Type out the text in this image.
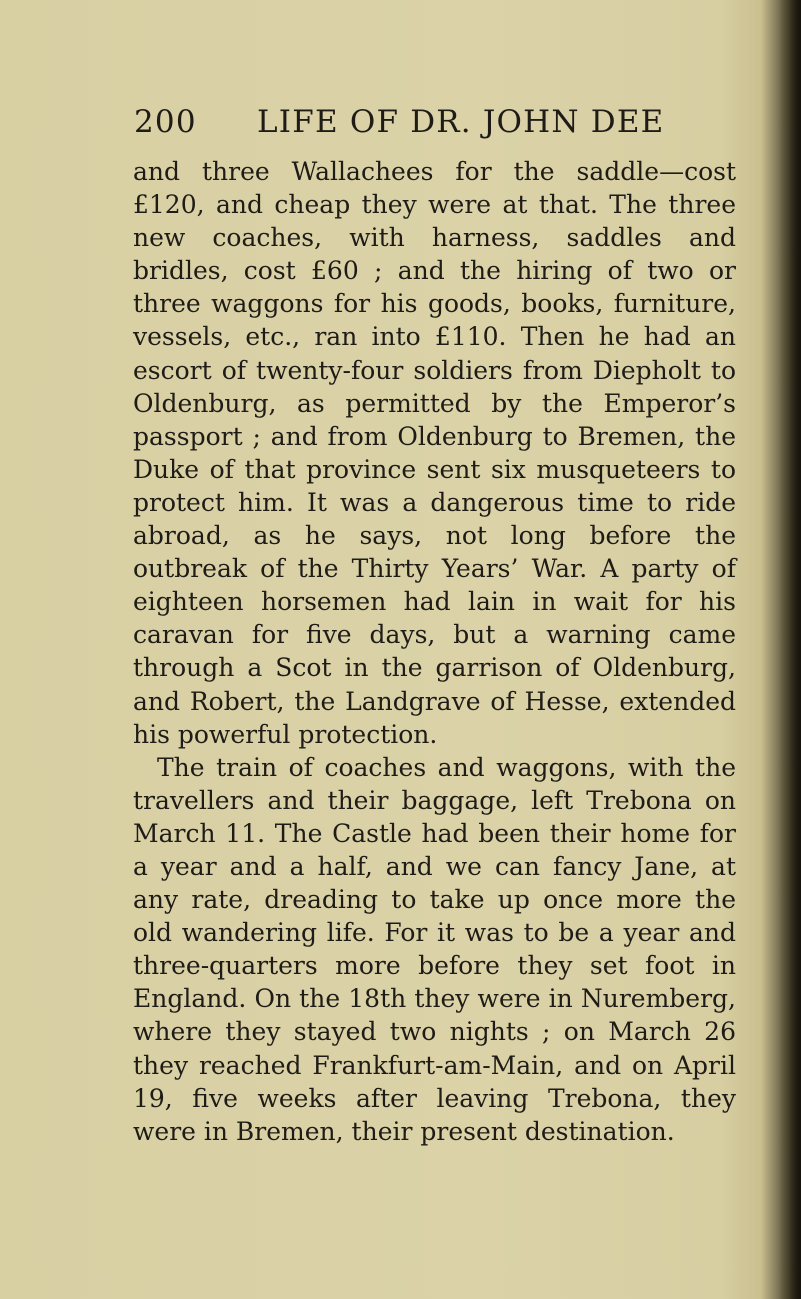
200 LIFE OF DR. JOHN DEE

and three Wallachees for the saddle—cost £120, and cheap they were at that. The three new coaches, with harness, saddles and bridles, cost £60 ; and the hiring of two or three waggons for his goods, books, furniture, vessels, etc., ran into £110. Then he had an escort of twenty-four soldiers from Diepholt to Oldenburg, as permitted by the Emperor’s passport ; and from Oldenburg to Bremen, the Duke of that province sent six musqueteers to protect him. It was a dangerous time to ride abroad, as he says, not long before the outbreak of the Thirty Years’ War. A party of eighteen horsemen had lain in wait for his caravan for five days, but a warning came through a Scot in the garrison of Oldenburg, and Robert, the Landgrave of Hesse, extended his powerful protection.

The train of coaches and waggons, with the travellers and their baggage, left Trebona on March 11. The Castle had been their home for a year and a half, and we can fancy Jane, at any rate, dreading to take up once more the old wandering life. For it was to be a year and three-quarters more before they set foot in England. On the 18th they were in Nuremberg, where they stayed two nights ; on March 26 they reached Frankfurt-am-Main, and on April 19, five weeks after leaving Trebona, they were in Bremen, their present destination.
